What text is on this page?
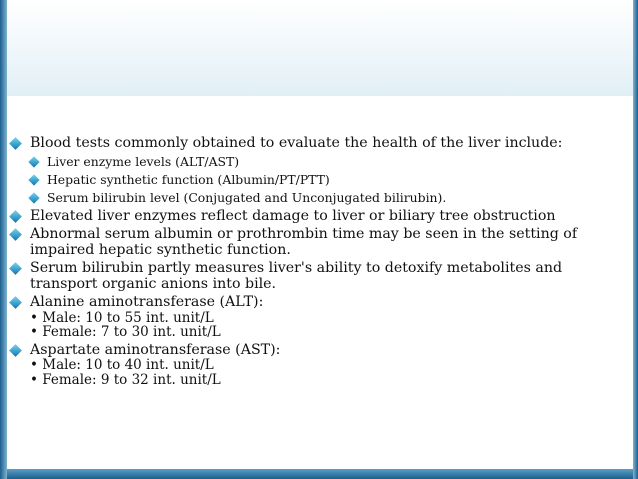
Blood tests commonly obtained to evaluate the health of the liver include:
Liver enzyme levels (ALT/AST)
Hepatic synthetic function (Albumin/PT/PTT)
Serum bilirubin level (Conjugated and Unconjugated bilirubin).
Elevated liver enzymes reflect damage to liver or biliary tree obstruction
Abnormal serum albumin or prothrombin time may be seen in the setting of impaired hepatic synthetic function.
Serum bilirubin partly measures liver's ability to detoxify metabolites and transport organic anions into bile.
Alanine aminotransferase (ALT):
• Male: 10 to 55 int. unit/L
• Female: 7 to 30 int. unit/L
Aspartate aminotransferase (AST):
• Male: 10 to 40 int. unit/L
• Female: 9 to 32 int. unit/L
